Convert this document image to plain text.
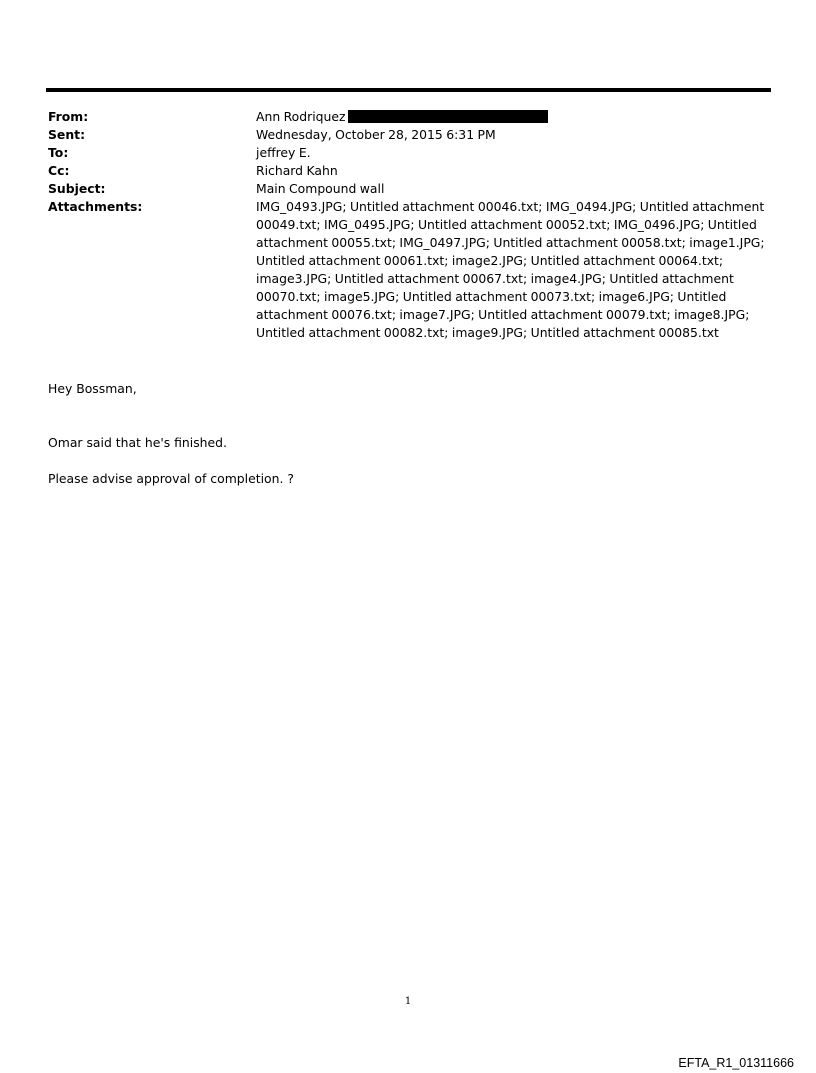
From:	Ann Rodriquez
Sent:	Wednesday, October 28, 2015 6:31 PM
To:	jeffrey E.
Cc:	Richard Kahn
Subject:	Main Compound wall
Attachments:	IMG_0493.JPG; Untitled attachment 00046.txt; IMG_0494.JPG; Untitled attachment 00049.txt; IMG_0495.JPG; Untitled attachment 00052.txt; IMG_0496.JPG; Untitled attachment 00055.txt; IMG_0497.JPG; Untitled attachment 00058.txt; image1.JPG; Untitled attachment 00061.txt; image2.JPG; Untitled attachment 00064.txt; image3.JPG; Untitled attachment 00067.txt; image4.JPG; Untitled attachment 00070.txt; image5.JPG; Untitled attachment 00073.txt; image6.JPG; Untitled attachment 00076.txt; image7.JPG; Untitled attachment 00079.txt; image8.JPG; Untitled attachment 00082.txt; image9.JPG; Untitled attachment 00085.txt
Hey Bossman,
Omar said that he's finished.
Please advise approval of completion. ?
1
EFTA_R1_01311666
